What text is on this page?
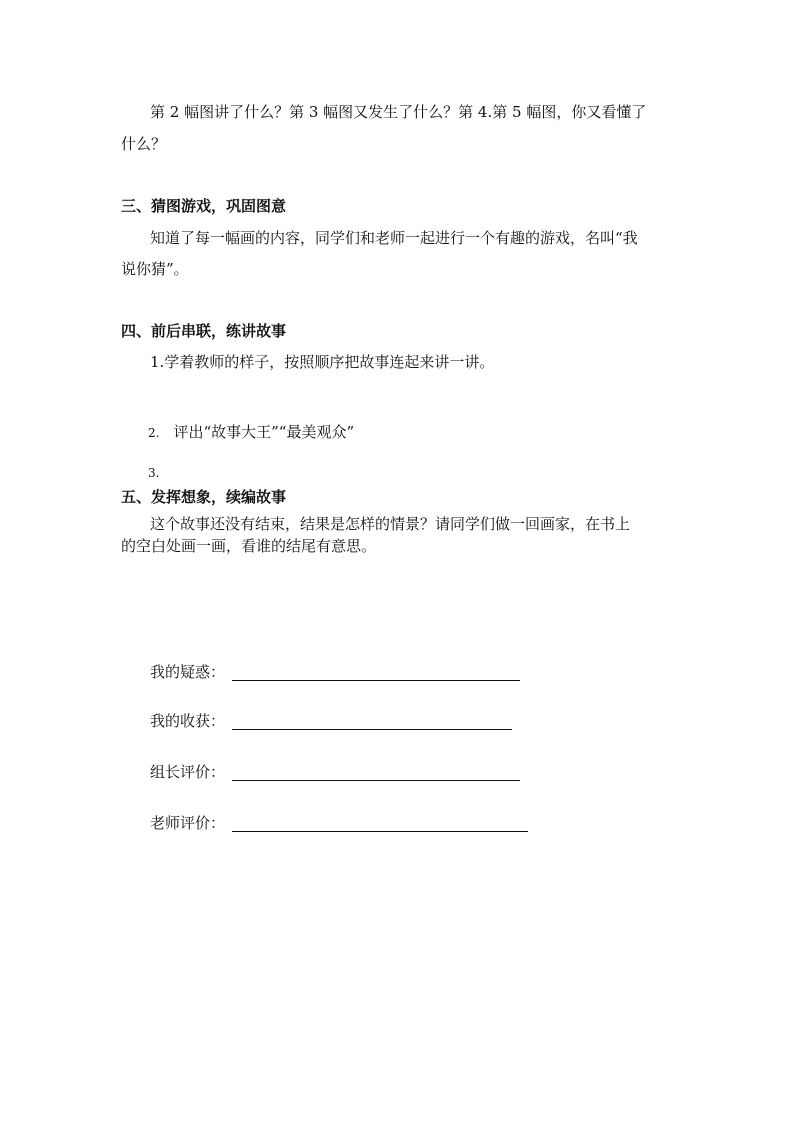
第 2 幅图讲了什么？第 3 幅图又发生了什么？第 4.第 5 幅图，你又看懂了
什么？
三、猜图游戏，巩固图意
知道了每一幅画的内容，同学们和老师一起进行一个有趣的游戏，名叫“我
说你猜”。
四、前后串联，练讲故事
1.学着教师的样子，按照顺序把故事连起来讲一讲。
2. 评出“故事大王”“最美观众”
3.
五、发挥想象，续编故事
这个故事还没有结束，结果是怎样的情景？请同学们做一回画家，在书上
的空白处画一画，看谁的结尾有意思。
我的疑惑：
我的收获：
组长评价：
老师评价：
